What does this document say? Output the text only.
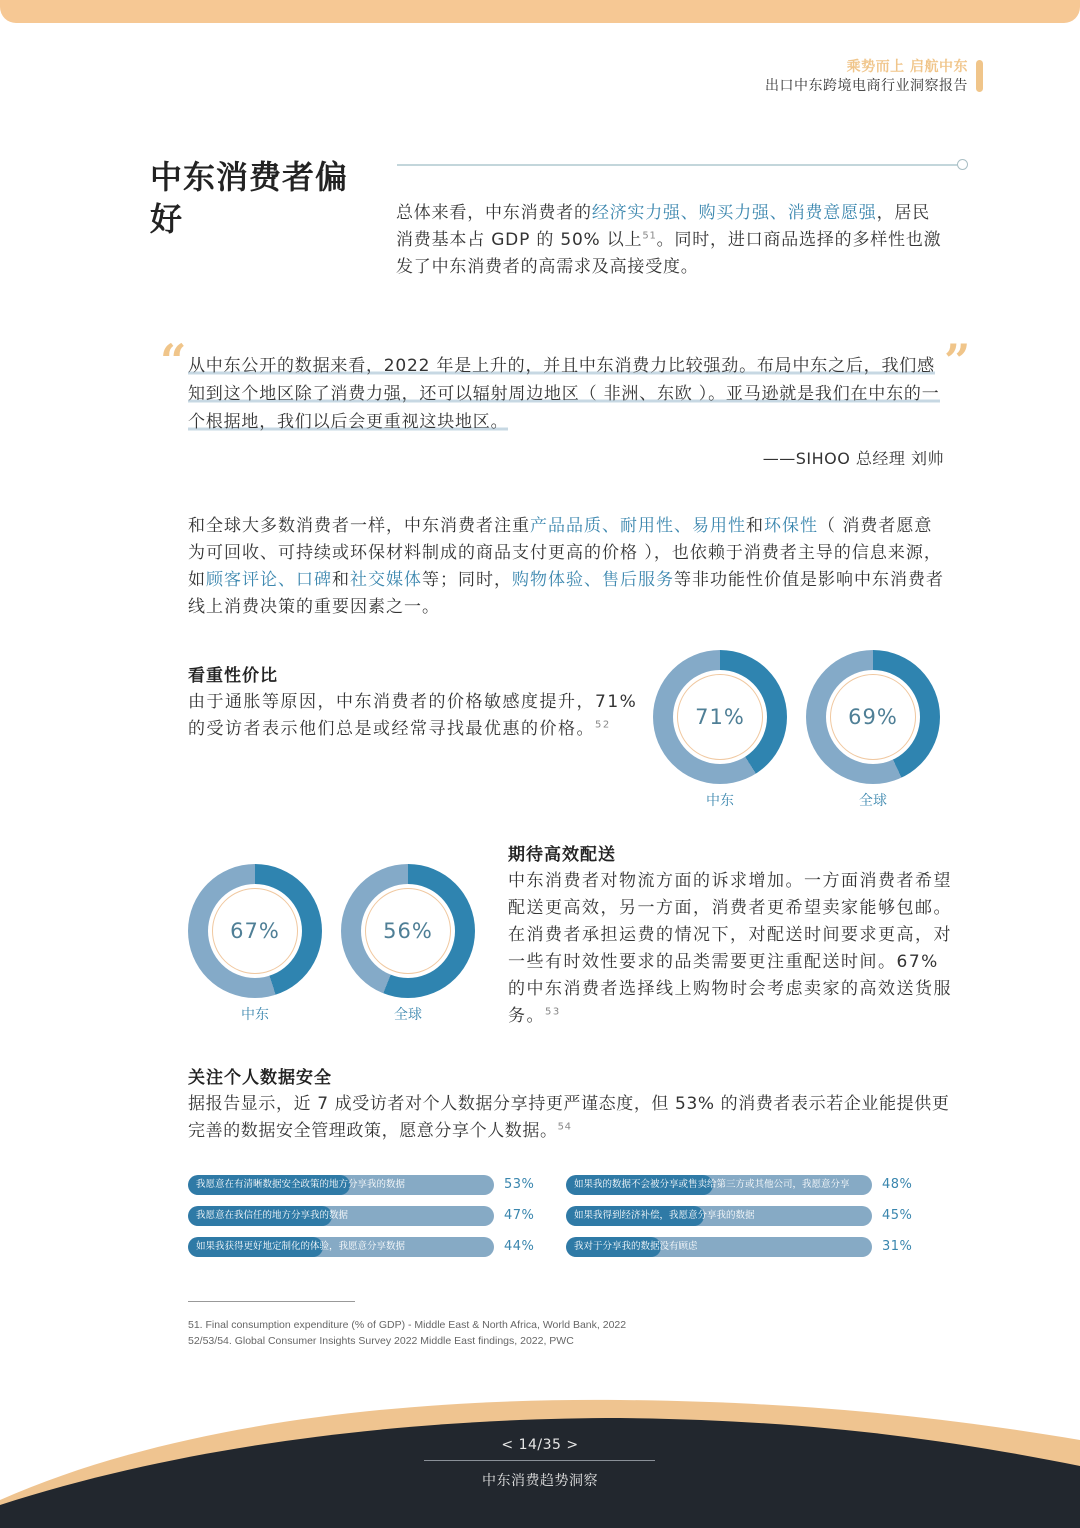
乘势而上 启航中东
出口中东跨境电商行业洞察报告
中东消费者偏好	总体来看，中东消费者的经济实力强、购买力强、消费意愿强，居民消费基本占 GDP 的 50% 以上$^{51}$。同时，进口商品选择的多样性也激发了中东消费者的高需求及高接受度。
“	”
从中东公开的数据来看，2022 年是上升的，并且中东消费力比较强劲。布局中东之后，我们感知到这个地区除了消费力强，还可以辐射周边地区（ 非洲、东欧 ）。亚马逊就是我们在中东的一个根据地，我们以后会更重视这块地区。
——SIHOO 总经理 刘帅
和全球大多数消费者一样，中东消费者注重产品品质、耐用性、易用性和环保性（ 消费者愿意为可回收、可持续或环保材料制成的商品支付更高的价格 ），也依赖于消费者主导的信息来源，如顾客评论、口碑和社交媒体等；同时，购物体验、售后服务等非功能性价值是影响中东消费者线上消费决策的重要因素之一。
看重性价比
由于通胀等原因，中东消费者的价格敏感度提升，71% 的受访者表示他们总是或经常寻找最优惠的价格。$^{52}$	71%
中东
69%
全球
67%
中东
56%
全球
期待高效配送
中东消费者对物流方面的诉求增加。一方面消费者希望配送更高效，另一方面，消费者更希望卖家能够包邮。在消费者承担运费的情况下，对配送时间要求更高，对一些有时效性要求的品类需要更注重配送时间。67% 的中东消费者选择线上购物时会考虑卖家的高效送货服务。$^{53}$
关注个人数据安全
据报告显示，近 7 成受访者对个人数据分享持更严谨态度，但 53% 的消费者表示若企业能提供更完善的数据安全管理政策，愿意分享个人数据。$^{54}$
我愿意在有清晰数据安全政策的地方分享我的数据	53%
我愿意在我信任的地方分享我的数据	47%
如果我获得更好地定制化的体验，我愿意分享数据	44%
如果我的数据不会被分享或售卖给第三方或其他公司，我愿意分享 48%
如果我得到经济补偿，我愿意分享我的数据	45%
我对于分享我的数据没有顾虑	31%
51. Final consumption expenditure (% of GDP) - Middle East & North Africa, World Bank, 2022
52/53/54. Global Consumer Insights Survey 2022 Middle East findings, 2022, PWC
< 14/35 >
中东消费趋势洞察
